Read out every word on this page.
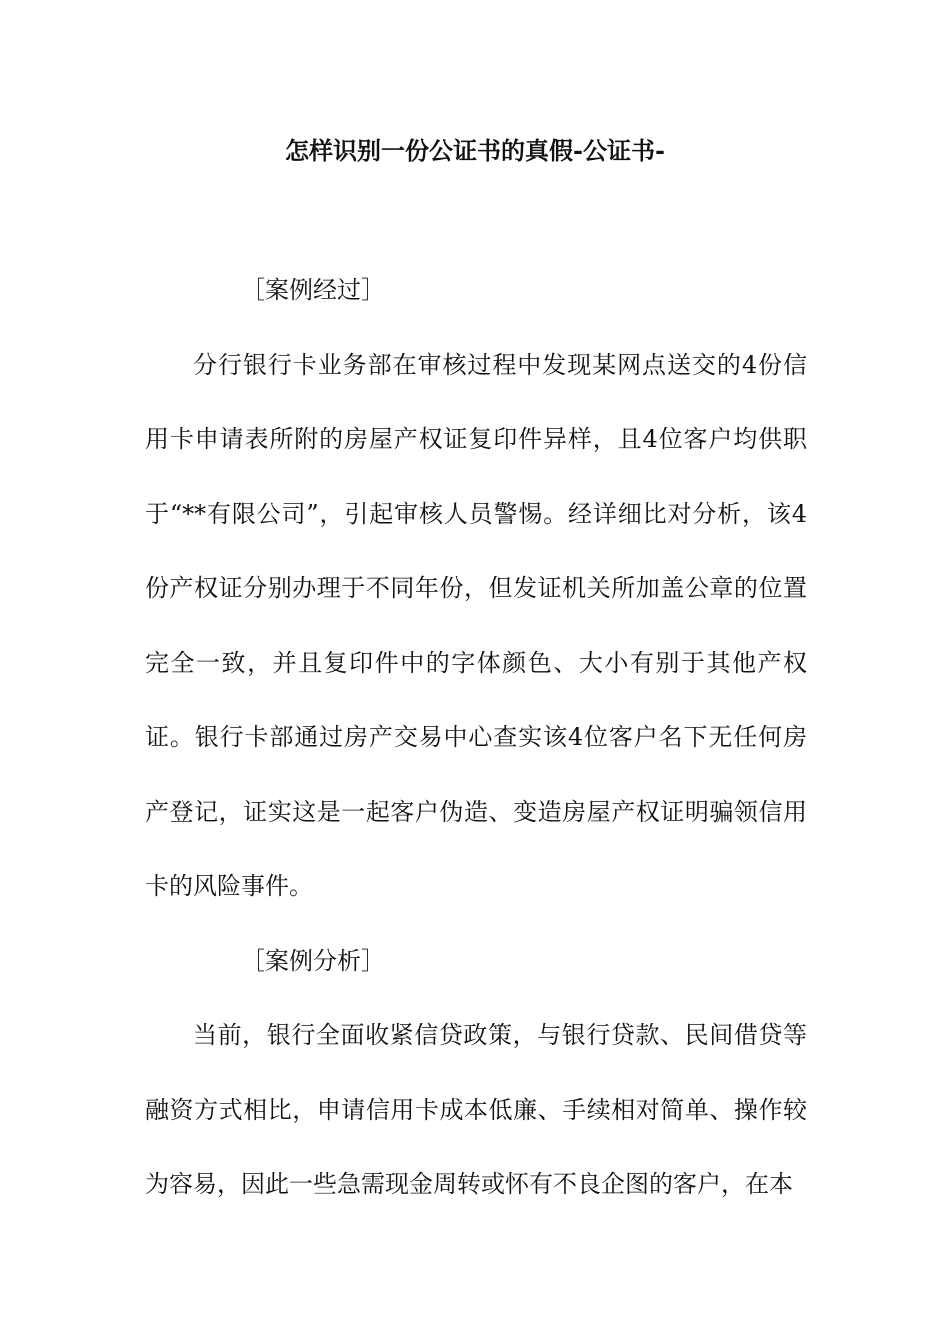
怎样识别一份公证书的真假-公证书-

［案例经过］

分行银行卡业务部在审核过程中发现某网点送交的4份信用卡申请表所附的房屋产权证复印件异样，且4位客户均供职于“**有限公司”，引起审核人员警惕。经详细比对分析，该4份产权证分别办理于不同年份，但发证机关所加盖公章的位置完全一致，并且复印件中的字体颜色、大小有别于其他产权证。银行卡部通过房产交易中心查实该4位客户名下无任何房产登记，证实这是一起客户伪造、变造房屋产权证明骗领信用卡的风险事件。

［案例分析］

当前，银行全面收紧信贷政策，与银行贷款、民间借贷等融资方式相比，申请信用卡成本低廉、手续相对简单、操作较为容易，因此一些急需现金周转或怀有不良企图的客户，在本
